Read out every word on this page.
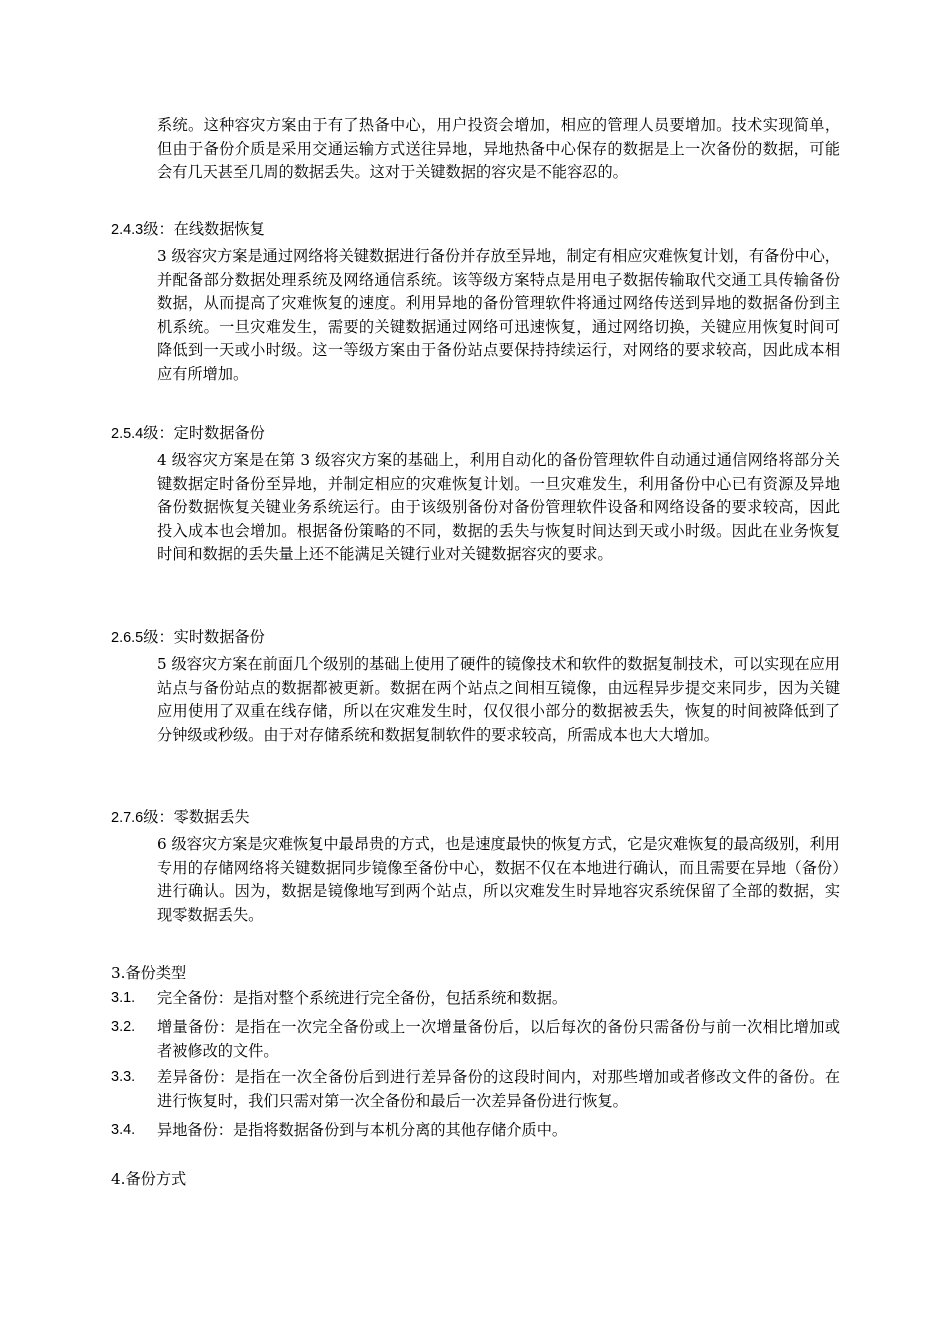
系统。这种容灾方案由于有了热备中心，用户投资会增加，相应的管理人员要增加。技术实现简单，但由于备份介质是采用交通运输方式送往异地，异地热备中心保存的数据是上一次备份的数据，可能会有几天甚至几周的数据丢失。这对于关键数据的容灾是不能容忍的。

2.4.3级：在线数据恢复

3 级容灾方案是通过网络将关键数据进行备份并存放至异地，制定有相应灾难恢复计划，有备份中心，并配备部分数据处理系统及网络通信系统。该等级方案特点是用电子数据传输取代交通工具传输备份数据，从而提高了灾难恢复的速度。利用异地的备份管理软件将通过网络传送到异地的数据备份到主机系统。一旦灾难发生，需要的关键数据通过网络可迅速恢复，通过网络切换，关键应用恢复时间可降低到一天或小时级。这一等级方案由于备份站点要保持持续运行，对网络的要求较高，因此成本相应有所增加。

2.5.4级：定时数据备份

4 级容灾方案是在第 3 级容灾方案的基础上，利用自动化的备份管理软件自动通过通信网络将部分关键数据定时备份至异地，并制定相应的灾难恢复计划。一旦灾难发生，利用备份中心已有资源及异地备份数据恢复关键业务系统运行。由于该级别备份对备份管理软件设备和网络设备的要求较高，因此投入成本也会增加。根据备份策略的不同，数据的丢失与恢复时间达到天或小时级。因此在业务恢复时间和数据的丢失量上还不能满足关键行业对关键数据容灾的要求。

2.6.5级：实时数据备份

5 级容灾方案在前面几个级别的基础上使用了硬件的镜像技术和软件的数据复制技术，可以实现在应用站点与备份站点的数据都被更新。数据在两个站点之间相互镜像，由远程异步提交来同步，因为关键应用使用了双重在线存储，所以在灾难发生时，仅仅很小部分的数据被丢失，恢复的时间被降低到了分钟级或秒级。由于对存储系统和数据复制软件的要求较高，所需成本也大大增加。

2.7.6级：零数据丢失

6 级容灾方案是灾难恢复中最昂贵的方式，也是速度最快的恢复方式，它是灾难恢复的最高级别，利用专用的存储网络将关键数据同步镜像至备份中心，数据不仅在本地进行确认，而且需要在异地（备份）进行确认。因为，数据是镜像地写到两个站点，所以灾难发生时异地容灾系统保留了全部的数据，实现零数据丢失。

3.备份类型

3.1.	完全备份：是指对整个系统进行完全备份，包括系统和数据。
3.2.	增量备份：是指在一次完全备份或上一次增量备份后，以后每次的备份只需备份与前一次相比增加或者被修改的文件。
3.3.	差异备份：是指在一次全备份后到进行差异备份的这段时间内，对那些增加或者修改文件的备份。在进行恢复时，我们只需对第一次全备份和最后一次差异备份进行恢复。
3.4.	异地备份：是指将数据备份到与本机分离的其他存储介质中。

4.备份方式
